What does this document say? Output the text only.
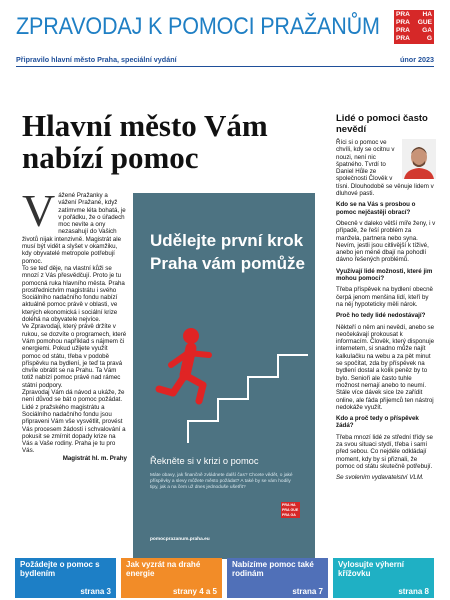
ZPRAVODAJ K POMOCI PRAŽANŮM PRA HA
PRA GUE
PRA GA
PRA	G
Připravilo hlavní město Praha, speciální vydání	únor 2023
Hlavní město Vám nabízí pomoc
V ážené Pražanky a vážení Pražané, když zatímvme léta bohatá, je v pořádku, že o úřadech moc nevíte a ony nezasahují do Vašich životů nijak intenzivně. Magistrát ale musí být vidět a slyšet v okamžiku, kdy obyvatelé metropole potřebují pomoc.

To se teď děje, na vlastní kůži se mnozí z Vás přesvědčují. Proto je tu pomocná ruka hlavního města. Praha prostřednictvím magistrátu i svého Sociálního nadačního fondu nabízí aktuálně pomoc právě v oblasti, ve kterých ekonomická i sociální krize doléhá na obyvatele nejvíce.

Ve Zpravodaji, který právě držíte v rukou, se dozvíte o programech, které Vám pomohou například s nájmem či energiemi. Pokud užijete využít pomoc od státu, třeba v podobě příspěvku na bydlení, je teď ta pravá chvíle obrátit se na Prahu. Ta Vám totiž nabízí pomoc právě nad rámec státní podpory.

Zpravodaj Vám dá návod a ukáže, že není důvod se bát o pomoc požádat. Lidé z pražského magistrátu a Sociálního nadačního fondu jsou připraveni Vám vše vysvětlit, provést Vás procesem žádosti i schvalování a pokusit se zmírnit dopady krize na Vás a Vaše rodiny. Praha je tu pro Vás.

Magistrát hl. m. Prahy

Udělejte první krok Praha vám pomůže
Řekněte si v krizi o pomoc
Máte obavy, jak finančně zvládnete další čas? Chcete vědět, o jaké příspěvky a slevy můžete město požádat? A také by se vám hodily tipy, jak a na čem už dnes jednoduše ušetřit?
pomocprazanum.praha.eu
PRA HA
PRA GUE
PRA GA
Lidé o pomoci často nevědí

Říci si o pomoc ve chvíli, kdy se ocitnu v nouzi, není nic špatného. Tvrdí to Daniel Hůle ze společnosti Člověk v tísni. Dlouhodobě se věnuje lidem v dluhové pasti.

Kdo se na Vás s prosbou o pomoc nejčastěji obrací?

Obecně v daleko větší míře ženy, i v případě, že řeší problém za manžela, partnera nebo syna. Nevím, jestli jsou citlivější k tíživé, anebo jen méně dbají na pohodlí dávno řešených problémů.

Využívají lidé možnosti, které jim mohou pomoci?

Třeba příspěvek na bydlení obecně čerpá jenom menšina lidí, kteří by na něj hypoteticky měli nárok.

Proč ho tedy lidé nedostávají?

Někteří o něm ani nevědí, anebo se neočekávají prokousat k informacím. Člověk, který disponuje internetem, si snadno může najít kalkulačku na webu a za pět minut se spočítat, zda by příspěvek na bydlení dostal a kolik peněz by to bylo. Senioři ale často tuhle možnost nemají anebo to neumí. Stále více dávek sice lze zařídit online, ale fáda přijemců ten nástroj nedokáže využít.

Kdo a proč tedy o příspěvek žádá?

Třeba mnozí lidé ze střední třídy se za svou situaci stydí, třeba i samí před sebou. Co nejdéle odkládají moment, kdy by si přiznali, že pomoc od státu skutečně potřebují.

Se svolením vydavatelství VLM.

Požádejte o pomoc s bydlením
strana 3
Jak vyzrát na drahé energie
strany 4 a 5
Nabízíme pomoc také rodinám
strana 7
Vylosujte výherní křížovku
strana 8
